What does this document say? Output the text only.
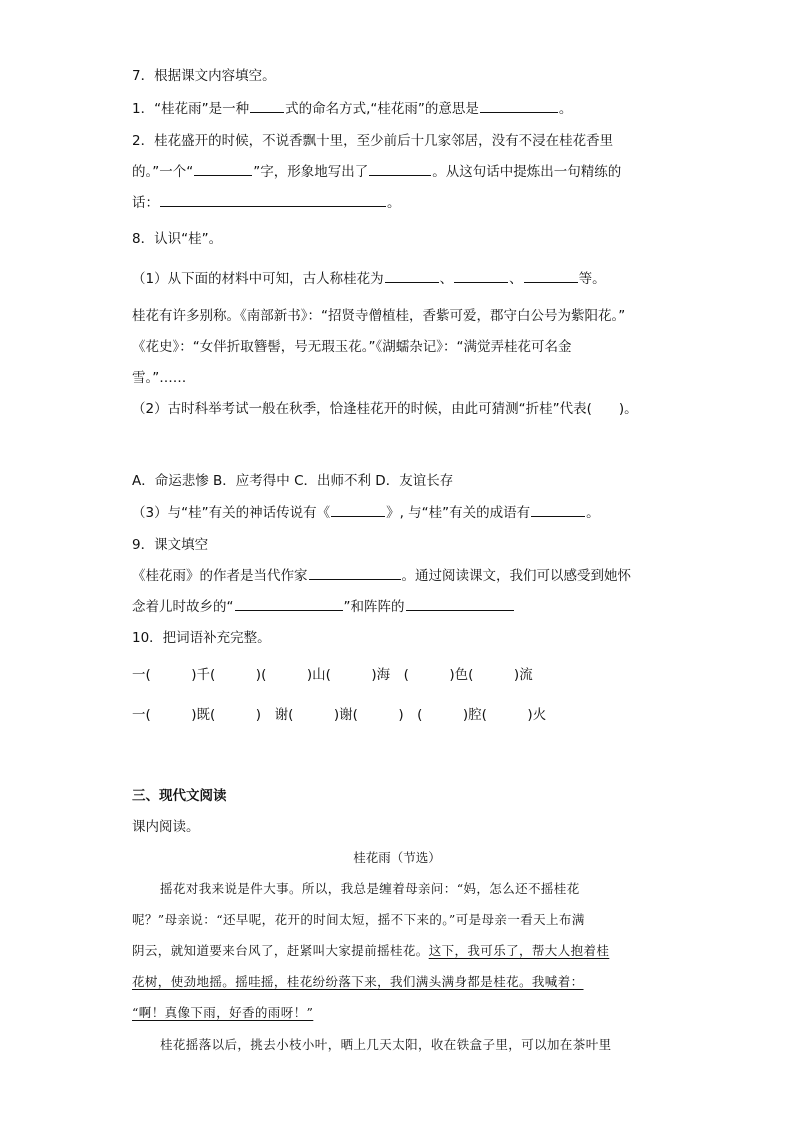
7．根据课文内容填空。
1．“桂花雨”是一种	式的命名方式,“桂花雨”的意思是	。
2．桂花盛开的时候，不说香飘十里，至少前后十几家邻居，没有不浸在桂花香里
的。”一个“	”字，形象地写出了	。从这句话中提炼出一句精练的
话：	。
8．认识“桂”。
（1）从下面的材料中可知，古人称桂花为	、	、	等。
桂花有许多别称。《南部新书》：“招贤寺僧植桂，香紫可爱，郡守白公号为紫阳花。”
《花史》：“女伴折取簪髻，号无瑕玉花。”《湖蠕杂记》：“满觉弄桂花可名金
雪。”……
（2）古时科举考试一般在秋季，恰逢桂花开的时候，由此可猜测“折桂”代表(　　)。
A．命运悲惨 B．应考得中 C．出师不利 D．友谊长存
（3）与“桂”有关的神话传说有《	》, 与“桂”有关的成语有	。
9．课文填空
《桂花雨》的作者是当代作家	。通过阅读课文，我们可以感受到她怀
念着儿时故乡的“	”和阵阵的
10．把词语补充完整。
一(　　　)千(　　　)(　　　)山(　　　)海　(　　　)色(　　　)流
一(　　　)既(　　　)　谢(　　　)谢(　　　)　(　　　)腔(　　　)火
三、现代文阅读
课内阅读。
桂花雨（节选）
摇花对我来说是件大事。所以，我总是缠着母亲问：“妈，怎么还不摇桂花
呢？”母亲说：“还早呢，花开的时间太短，摇不下来的。”可是母亲一看天上布满
阴云，就知道要来台风了，赶紧叫大家提前摇桂花。这下，我可乐了，帮大人抱着桂
花树，使劲地摇。摇哇摇，桂花纷纷落下来，我们满头满身都是桂花。我喊着：
“啊！真像下雨，好香的雨呀！”
桂花摇落以后，挑去小枝小叶，晒上几天太阳，收在铁盒子里，可以加在茶叶里
